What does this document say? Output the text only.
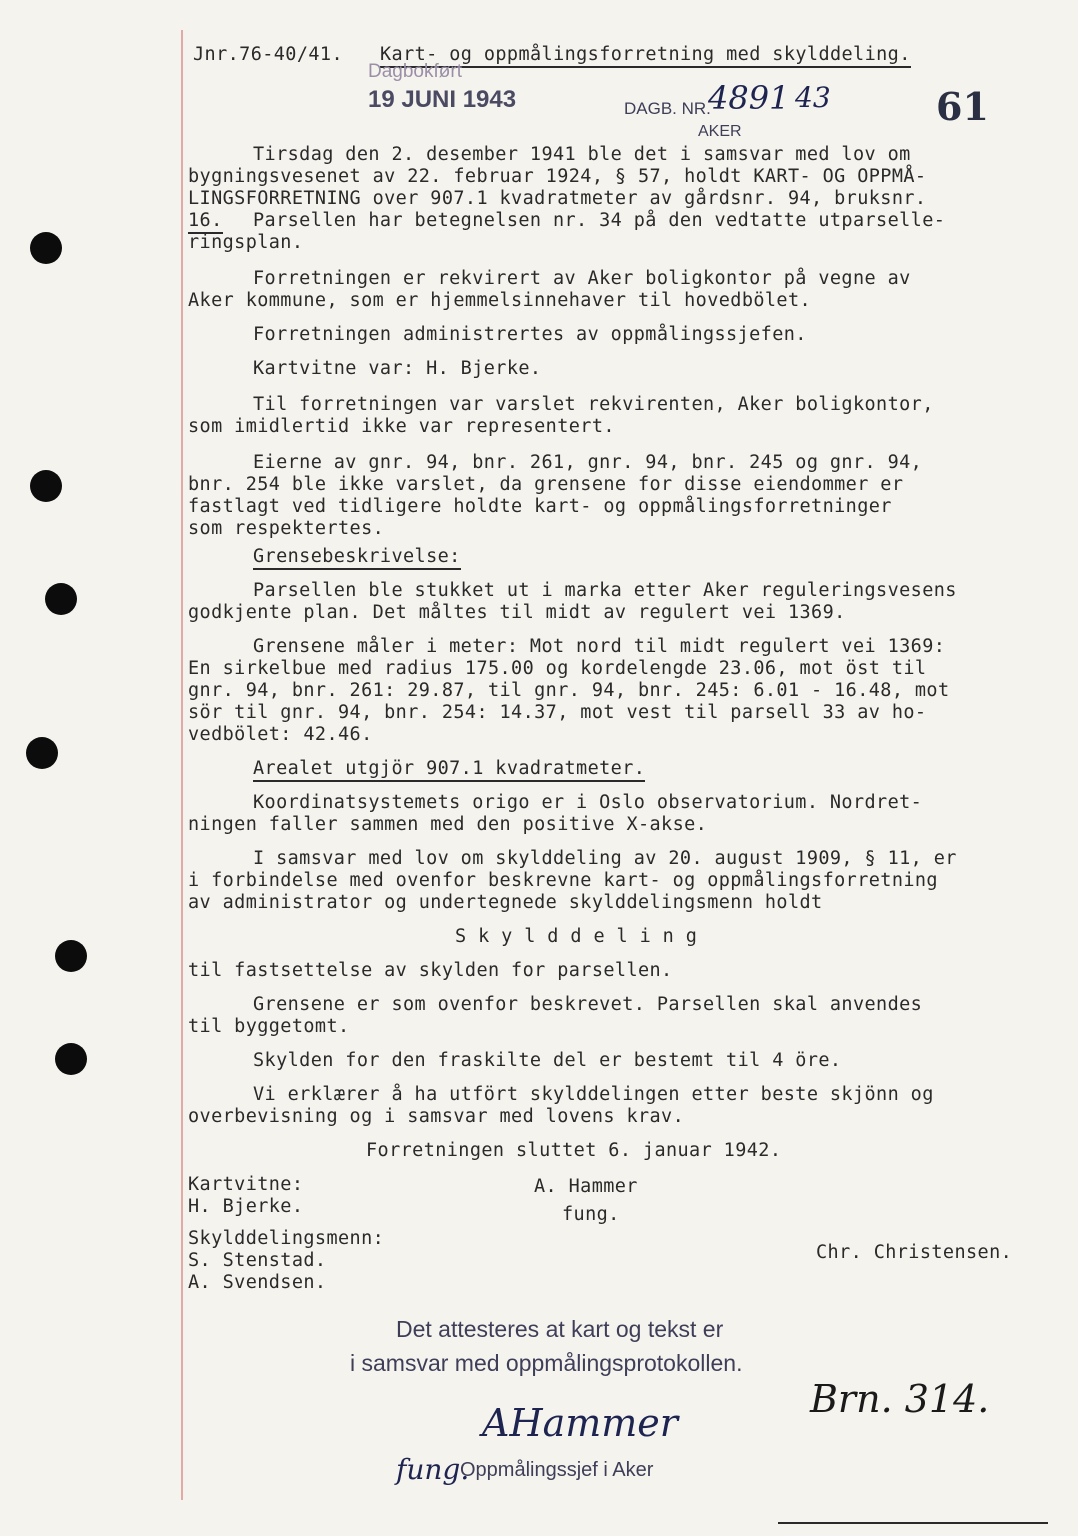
Jnr.76-40/41. Kart- og oppmålingsforretning med skylddeling.
Dagbokført
19 JUNI 1943	DAGB. NR.
4891 43
AKER
61
Tirsdag den 2. desember 1941 ble det i samsvar med lov om
bygningsvesenet av 22. februar 1924, § 57, holdt KART- OG OPPMÅ-
LINGSFORRETNING over 907.1 kvadratmeter av gårdsnr. 94, bruksnr.
16. Parsellen har betegnelsen nr. 34 på den vedtatte utparselle-
ringsplan.
Forretningen er rekvirert av Aker boligkontor på vegne av
Aker kommune, som er hjemmelsinnehaver til hovedbölet.
Forretningen administrertes av oppmålingssjefen.
Kartvitne var: H. Bjerke.
Til forretningen var varslet rekvirenten, Aker boligkontor,
som imidlertid ikke var representert.
Eierne av gnr. 94, bnr. 261, gnr. 94, bnr. 245 og gnr. 94,
bnr. 254 ble ikke varslet, da grensene for disse eiendommer er
fastlagt ved tidligere holdte kart- og oppmålingsforretninger
som respektertes.
Grensebeskrivelse:
Parsellen ble stukket ut i marka etter Aker reguleringsvesens
godkjente plan. Det måltes til midt av regulert vei 1369.
Grensene måler i meter: Mot nord til midt regulert vei 1369:
En sirkelbue med radius 175.00 og kordelengde 23.06, mot öst til
gnr. 94, bnr. 261: 29.87, til gnr. 94, bnr. 245: 6.01 - 16.48, mot
sör til gnr. 94, bnr. 254: 14.37, mot vest til parsell 33 av ho-
vedbölet: 42.46.
Arealet utgjör 907.1 kvadratmeter.
Koordinatsystemets origo er i Oslo observatorium. Nordret-
ningen faller sammen med den positive X-akse.
I samsvar med lov om skylddeling av 20. august 1909, § 11, er
i forbindelse med ovenfor beskrevne kart- og oppmålingsforretning
av administrator og undertegnede skylddelingsmenn holdt
S k y l d d e l i n g
til fastsettelse av skylden for parsellen.
Grensene er som ovenfor beskrevet. Parsellen skal anvendes
til byggetomt.
Skylden for den fraskilte del er bestemt til 4 öre.
Vi erklærer å ha utfört skylddelingen etter beste skjönn og
overbevisning og i samsvar med lovens krav.
Forretningen sluttet 6. januar 1942.
Kartvitne:	A. Hammer
H. Bjerke.	fung.
Skylddelingsmenn:
Chr. Christensen.
S. Stenstad.
A. Svendsen.
Det attesteres at kart og tekst er
i samsvar med oppmålingsprotokollen.
Brn. 314.
AHammer
fung.
Oppmålingssjef i Aker
